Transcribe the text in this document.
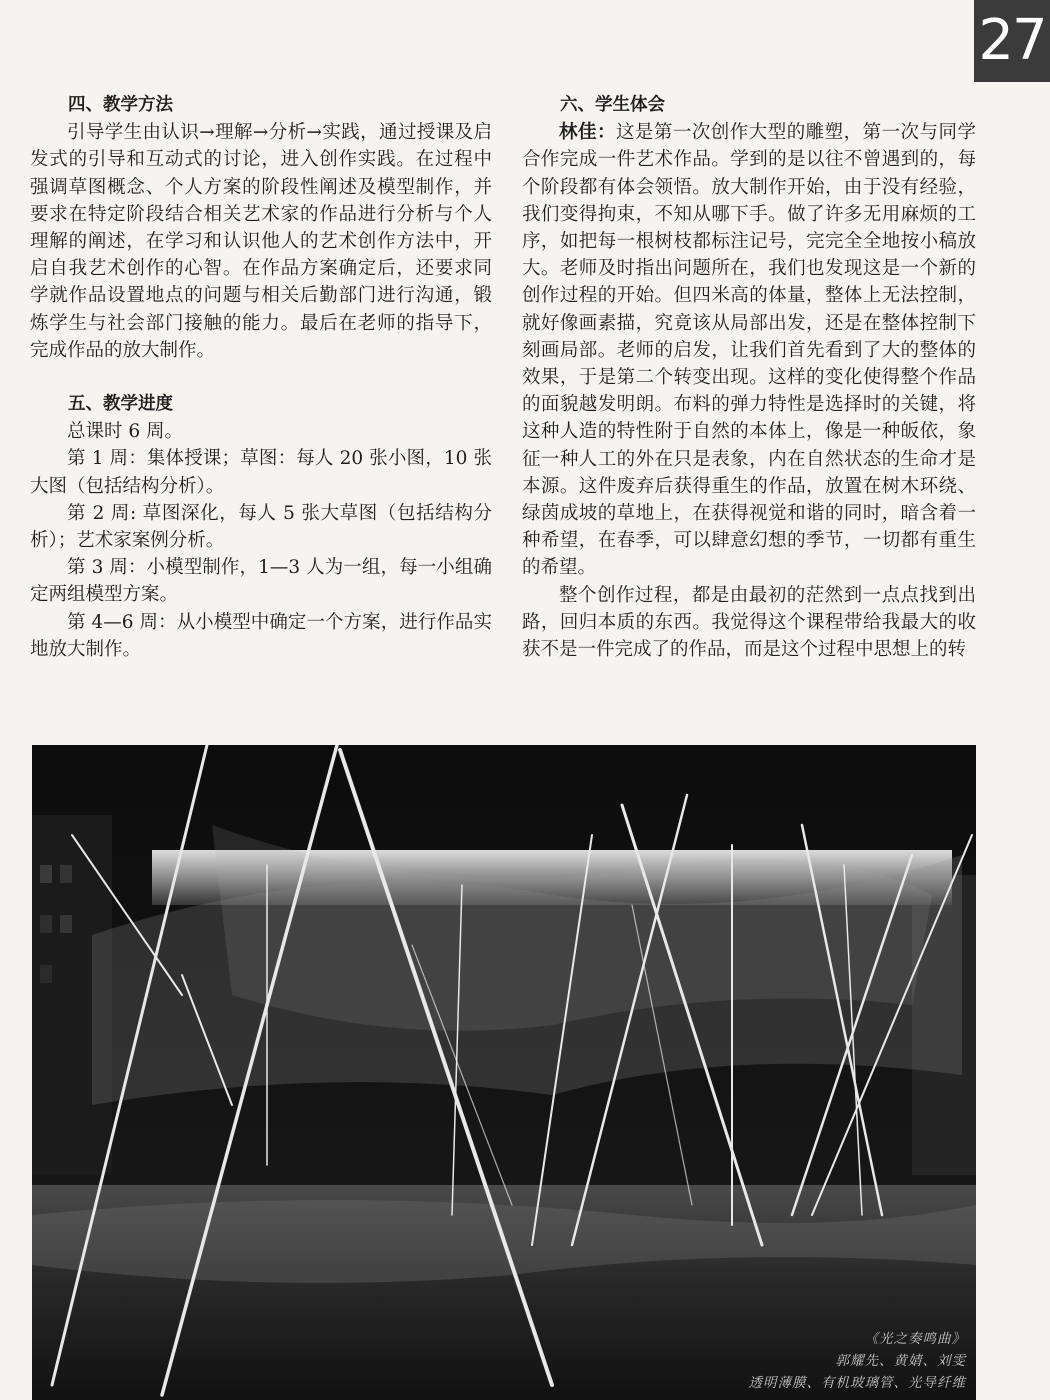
27
四、教学方法

引导学生由认识→理解→分析→实践，通过授课及启发式的引导和互动式的讨论，进入创作实践。在过程中强调草图概念、个人方案的阶段性阐述及模型制作，并要求在特定阶段结合相关艺术家的作品进行分析与个人理解的阐述，在学习和认识他人的艺术创作方法中，开启自我艺术创作的心智。在作品方案确定后，还要求同学就作品设置地点的问题与相关后勤部门进行沟通，锻炼学生与社会部门接触的能力。最后在老师的指导下，完成作品的放大制作。

五、教学进度

总课时 6 周。

第 1 周：集体授课；草图：每人 20 张小图，10 张大图（包括结构分析）。

第 2 周: 草图深化，每人 5 张大草图（包括结构分析）；艺术家案例分析。

第 3 周：小模型制作，1—3 人为一组，每一小组确定两组模型方案。

第 4—6 周：从小模型中确定一个方案，进行作品实地放大制作。

六、学生体会

林佳：这是第一次创作大型的雕塑，第一次与同学合作完成一件艺术作品。学到的是以往不曾遇到的，每个阶段都有体会领悟。放大制作开始，由于没有经验，我们变得拘束，不知从哪下手。做了许多无用麻烦的工序，如把每一根树枝都标注记号，完完全全地按小稿放大。老师及时指出问题所在，我们也发现这是一个新的创作过程的开始。但四米高的体量，整体上无法控制，就好像画素描，究竟该从局部出发，还是在整体控制下刻画局部。老师的启发，让我们首先看到了大的整体的效果，于是第二个转变出现。这样的变化使得整个作品的面貌越发明朗。布料的弹力特性是选择时的关键，将这种人造的特性附于自然的本体上，像是一种皈依，象征一种人工的外在只是表象，内在自然状态的生命才是本源。这件废弃后获得重生的作品，放置在树木环绕、绿茵成坡的草地上，在获得视觉和谐的同时，暗含着一种希望，在春季，可以肆意幻想的季节，一切都有重生的希望。

整个创作过程，都是由最初的茫然到一点点找到出路，回归本质的东西。我觉得这个课程带给我最大的收获不是一件完成了的作品，而是这个过程中思想上的转

《光之奏鸣曲》
郭耀先、黄婧、刘雯
透明薄膜、有机玻璃管、光导纤维
